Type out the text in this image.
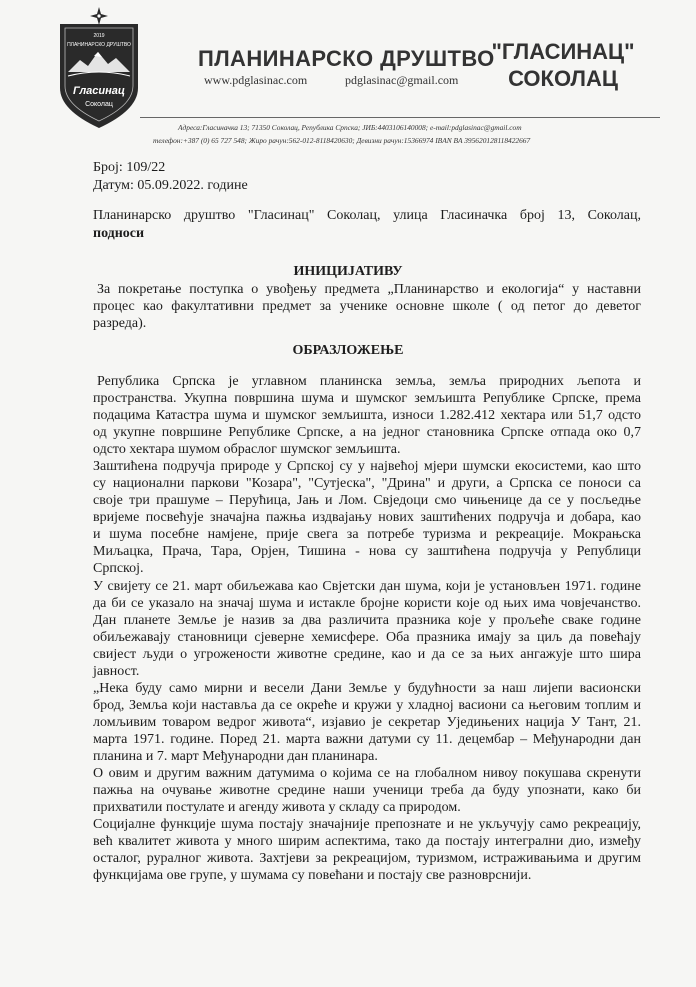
2019
ПЛАНИНАРСКО ДРУШТВО
Гласинац
Соколац
ПЛАНИНАРСКО ДРУШТВО
"ГЛАСИНАЦ"
СОКОЛАЦ
www.pdglasinac.com	pdglasinac@gmail.com
Адреса:Гласиначка 13; 71350 Соколац, Република Српска; ЈИБ:4403106140008; e-mail:pdglasinac@gmail.com
телефон:+387 (0) 65 727 548; Жиро рачун:562-012-8118420630; Девизни рачун:15366974 IBAN BA 395620128118422667
Број: 109/22
Датум: 05.09.2022. године
Планинарско друштво "Гласинац" Соколац, улица Гласиначка број 13, Соколац,
подноси
ИНИЦИЈАТИВУ
За покретање поступка о увођењу предмета „Планинарство и екологија“ у наставни
процес као факултативни предмет за ученике основне школе ( од петог до деветог
разреда).
ОБРАЗЛОЖЕЊЕ
Република Српска је углавном планинска земља, земља природних љепота и
пространства. Укупна површина шума и шумског земљишта Републике Српске, према
подацима Катастра шума и шумског земљишта, износи 1.282.412 хектара или 51,7 одсто
од укупне површине Републике Српске, а на једног становника Српске отпада око 0,7
одсто хектара шумом обраслог шумског земљишта.
Заштићена подручја природе у Српској су у највећој мјери шумски екосистеми, као што
су национални паркови "Козара", "Сутјеска", "Дрина" и други, а Српска се поноси са
своје три прашуме – Перућица, Јањ и Лом. Свједоци смо чињенице да се у посљедње
вријеме посвећује значајна пажња издвајању нових заштићених подручја и добара, као
и шума посебне намјене, прије свега за потребе туризма и рекреације. Мокрањска
Миљацка, Прача, Тара, Орјен, Тишина - нова су заштићена подручја у Републици
Српској.
У свијету се 21. март обиљежава као Свјетски дан шума, који је установљен 1971. године
да би се указало на значај шума и истакле бројне користи које од њих има човјечанство.
Дан планете Земље је назив за два различита празника које у прољеће сваке године
обиљежавају становници сјеверне хемисфере. Оба празника имају за циљ да повећају
свијест људи о угрожености животне средине, као и да се за њих ангажује што шира
јавност.
„Нека буду само мирни и весели Дани Земље у будућности за наш лијепи васионски
брод, Земља који наставља да се окреће и кружи у хладној васиони са његовим топлим и
ломљивим товаром ведрог живота“, изјавио је секретар Уједињених нација У Тант, 21.
марта 1971. године. Поред 21. марта важни датуми су 11. децембар – Међународни дан
планина и 7. март Међународни дан планинара.
О овим и другим важним датумима о којима се на глобалном нивоу покушава скренути
пажња на очување животне средине наши ученици треба да буду упознати, како би
прихватили постулате и агенду живота у складу са природом.
Социјалне функције шума постају значајније препознате и не укључују само рекреацију,
већ квалитет живота у много ширим аспектима, тако да постају интегрални дио, између
осталог, руралног живота. Захтјеви за рекреацијом, туризмом, истраживањима и другим
функцијама ове групе, у шумама су повећани и постају све разноврснији.
